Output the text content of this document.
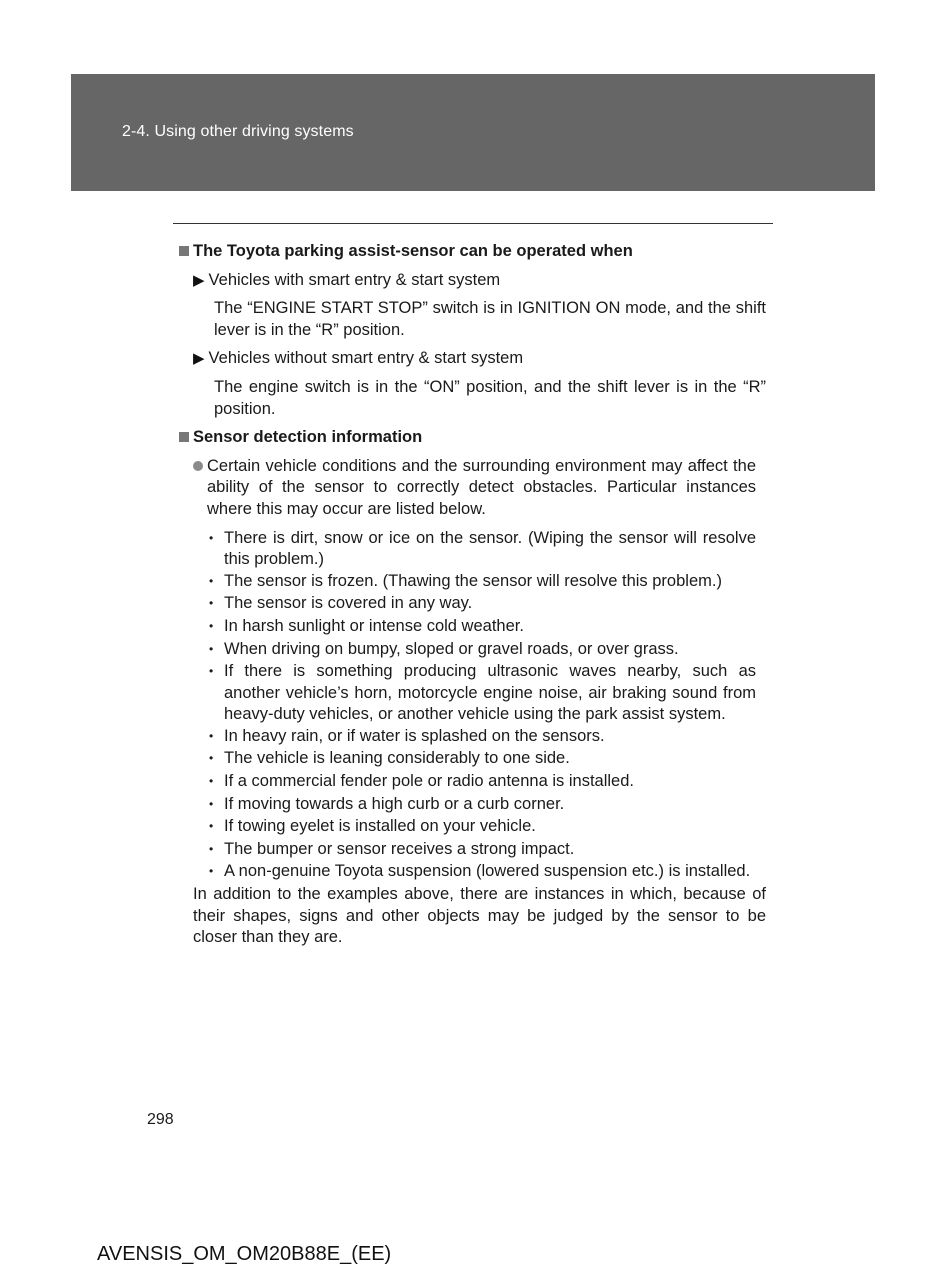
2-4. Using other driving systems
The Toyota parking assist-sensor can be operated when
▶ Vehicles with smart entry & start system
The “ENGINE START STOP” switch is in IGNITION ON mode, and the shift lever is in the “R” position.
▶ Vehicles without smart entry & start system
The engine switch is in the “ON” position, and the shift lever is in the “R” position.
Sensor detection information
Certain vehicle conditions and the surrounding environment may affect the ability of the sensor to correctly detect obstacles. Particular instances where this may occur are listed below.
• There is dirt, snow or ice on the sensor. (Wiping the sensor will resolve this problem.)
• The sensor is frozen. (Thawing the sensor will resolve this problem.)
• The sensor is covered in any way.
• In harsh sunlight or intense cold weather.
• When driving on bumpy, sloped or gravel roads, or over grass.
• If there is something producing ultrasonic waves nearby, such as another vehicle’s horn, motorcycle engine noise, air braking sound from heavy-duty vehicles, or another vehicle using the park assist system.
• In heavy rain, or if water is splashed on the sensors.
• The vehicle is leaning considerably to one side.
• If a commercial fender pole or radio antenna is installed.
• If moving towards a high curb or a curb corner.
• If towing eyelet is installed on your vehicle.
• The bumper or sensor receives a strong impact.
• A non-genuine Toyota suspension (lowered suspension etc.) is installed.
In addition to the examples above, there are instances in which, because of their shapes, signs and other objects may be judged by the sensor to be closer than they are.
298
AVENSIS_OM_OM20B88E_(EE)
